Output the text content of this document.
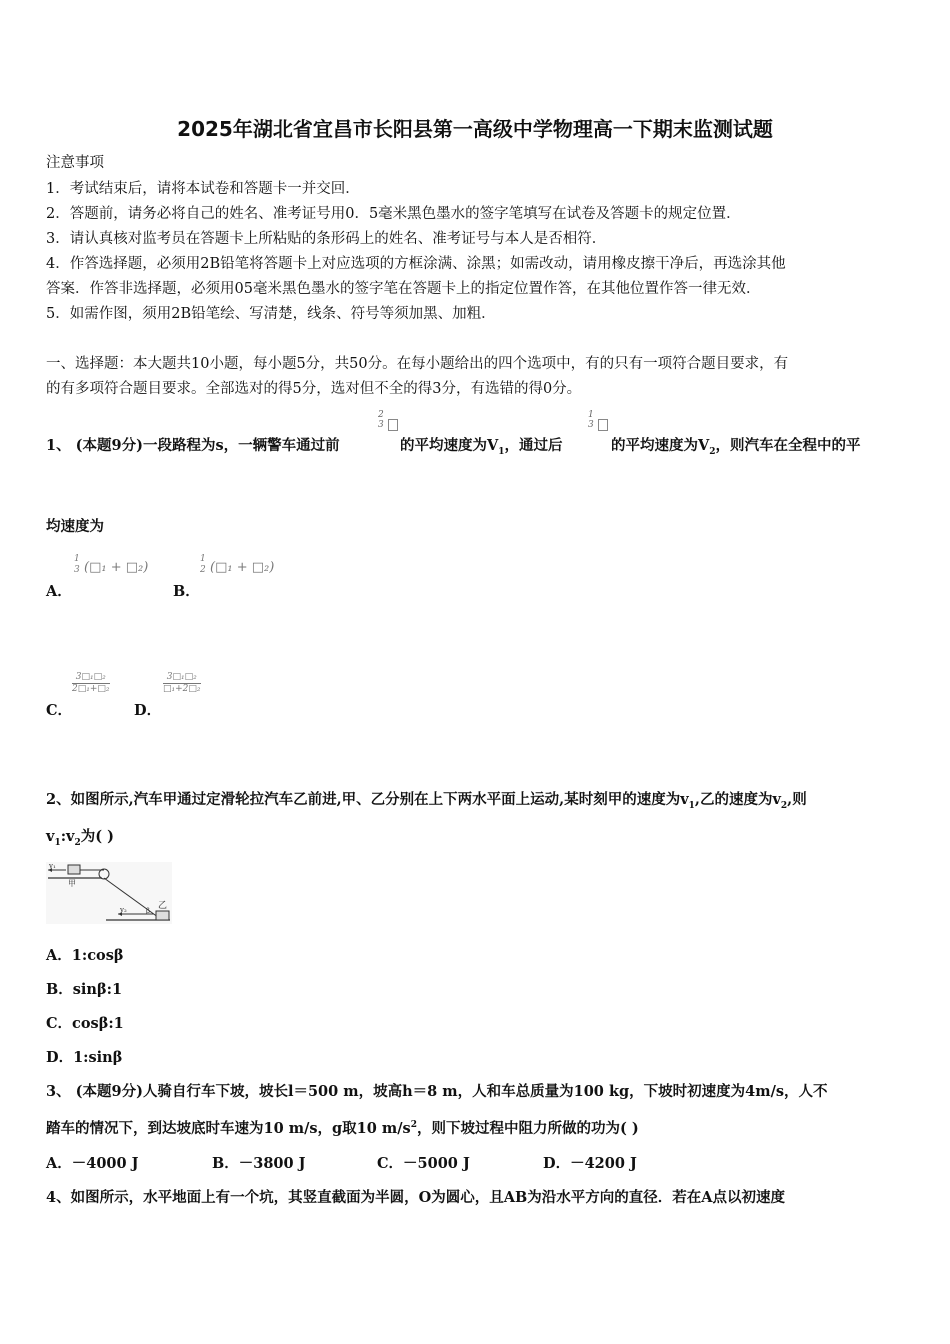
2025年湖北省宜昌市长阳县第一高级中学物理高一下期末监测试题
注意事项
1．考试结束后，请将本试卷和答题卡一并交回．
2．答题前，请务必将自己的姓名、准考证号用0．5毫米黑色墨水的签字笔填写在试卷及答题卡的规定位置．
3．请认真核对监考员在答题卡上所粘贴的条形码上的姓名、准考证号与本人是否相符．
4．作答选择题，必须用2B铅笔将答题卡上对应选项的方框涂满、涂黑；如需改动，请用橡皮擦干净后，再选涂其他
答案．作答非选择题，必须用05毫米黑色墨水的签字笔在答题卡上的指定位置作答，在其他位置作答一律无效．
5．如需作图，须用2B铅笔绘、写清楚，线条、符号等须加黑、加粗．
一、选择题：本大题共10小题，每小题5分，共50分。在每小题给出的四个选项中，有的只有一项符合题目要求，有
的有多项符合题目要求。全部选对的得5分，选对但不全的得3分，有选错的得0分。
1、 (本题9分)一段路程为s，一辆警车通过前
2
3
的平均速度为$V_1$，通过后
1
3
的平均速度为$V_2$，则汽车在全程中的平
均速度为
A．
1
3 (□₁ + □₂)
B．
1
2 (□₁ + □₂)
C．
$\frac{\text{3□₁□₂}}{\text{2□₁+□₂}}$
D．
$\frac{\text{3□₁□₂}}{\text{□₁+2□₂}}$
2、如图所示,汽车甲通过定滑轮拉汽车乙前进,甲、乙分别在上下两水平面上运动,某时刻甲的速度为$v_1$,乙的速度为$v_2$,则
$v_1:v_2$为( )
v₁
甲
v₂	β 乙
A．1:cosβ
B．sinβ:1
C．cosβ:1
D．1:sinβ
3、 (本题9分)人骑自行车下坡，坡长l＝500 m，坡高h＝8 m，人和车总质量为100 kg，下坡时初速度为4m/s，人不
踏车的情况下，到达坡底时车速为10 m/s，g取10 $m/s^2$，则下坡过程中阻力所做的功为( )
A．－4000 J	B．－3800 J	C．－5000 J	D．－4200 J
4、如图所示，水平地面上有一个坑，其竖直截面为半圆，O为圆心，且AB为沿水平方向的直径．若在A点以初速度
